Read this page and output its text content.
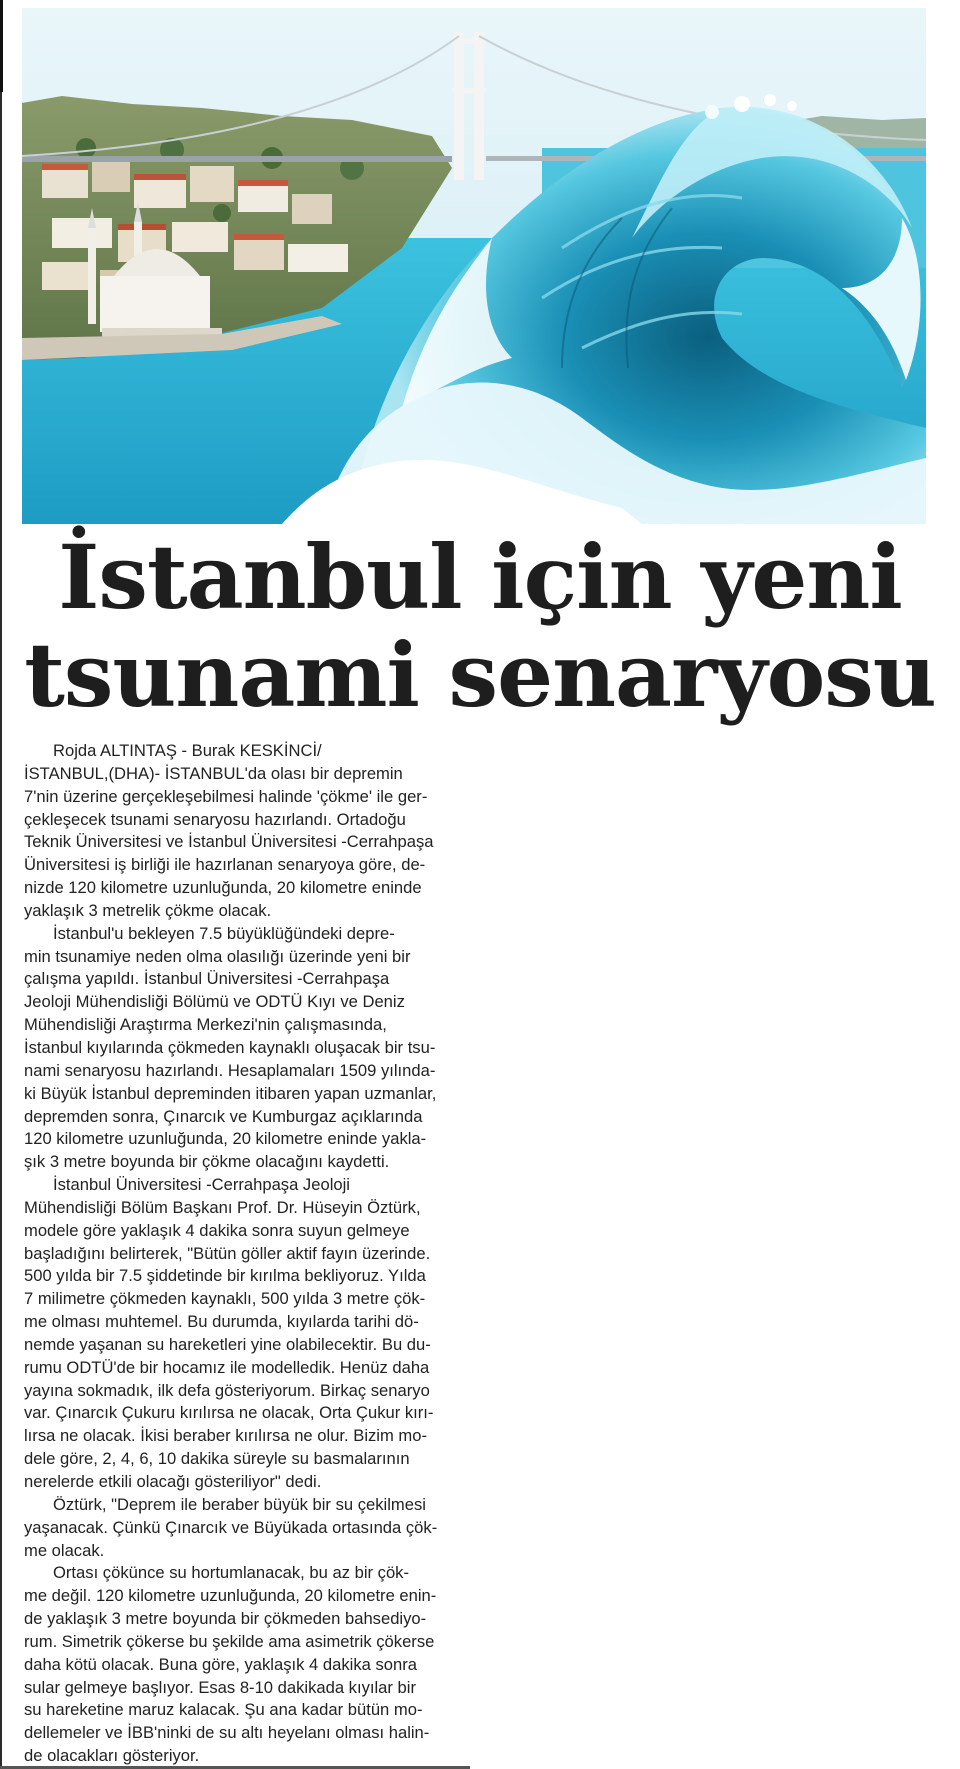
İstanbul için yeni
tsunami senaryosu
Rojda ALTINTAŞ - Burak KESKİNCİ/
İSTANBUL,(DHA)- İSTANBUL'da olası bir depremin
7'nin üzerine gerçekleşebilmesi halinde 'çökme' ile ger-
çekleşecek tsunami senaryosu hazırlandı. Ortadoğu
Teknik Üniversitesi ve İstanbul Üniversitesi -Cerrahpaşa
Üniversitesi iş birliği ile hazırlanan senaryoya göre, de-
nizde 120 kilometre uzunluğunda, 20 kilometre eninde
yaklaşık 3 metrelik çökme olacak.
İstanbul'u bekleyen 7.5 büyüklüğündeki depre-
min tsunamiye neden olma olasılığı üzerinde yeni bir
çalışma yapıldı. İstanbul Üniversitesi -Cerrahpaşa
Jeoloji Mühendisliği Bölümü ve ODTÜ Kıyı ve Deniz
Mühendisliği Araştırma Merkezi'nin çalışmasında,
İstanbul kıyılarında çökmeden kaynaklı oluşacak bir tsu-
nami senaryosu hazırlandı. Hesaplamaları 1509 yılında-
ki Büyük İstanbul depreminden itibaren yapan uzmanlar,
depremden sonra, Çınarcık ve Kumburgaz açıklarında
120 kilometre uzunluğunda, 20 kilometre eninde yakla-
şık 3 metre boyunda bir çökme olacağını kaydetti.
İstanbul Üniversitesi -Cerrahpaşa Jeoloji
Mühendisliği Bölüm Başkanı Prof. Dr. Hüseyin Öztürk,
modele göre yaklaşık 4 dakika sonra suyun gelmeye
başladığını belirterek, "Bütün göller aktif fayın üzerinde.
500 yılda bir 7.5 şiddetinde bir kırılma bekliyoruz. Yılda
7 milimetre çökmeden kaynaklı, 500 yılda 3 metre çök-
me olması muhtemel. Bu durumda, kıyılarda tarihi dö-
nemde yaşanan su hareketleri yine olabilecektir. Bu du-
rumu ODTÜ'de bir hocamız ile modelledik. Henüz daha
yayına sokmadık, ilk defa gösteriyorum. Birkaç senaryo
var. Çınarcık Çukuru kırılırsa ne olacak, Orta Çukur kırı-
lırsa ne olacak. İkisi beraber kırılırsa ne olur. Bizim mo-
dele göre, 2, 4, 6, 10 dakika süreyle su basmalarının
nerelerde etkili olacağı gösteriliyor" dedi.
Öztürk, "Deprem ile beraber büyük bir su çekilmesi
yaşanacak. Çünkü Çınarcık ve Büyükada ortasında çök-
me olacak.
Ortası çökünce su hortumlanacak, bu az bir çök-
me değil. 120 kilometre uzunluğunda, 20 kilometre enin-
de yaklaşık 3 metre boyunda bir çökmeden bahsediyo-
rum. Simetrik çökerse bu şekilde ama asimetrik çökerse
daha kötü olacak. Buna göre, yaklaşık 4 dakika sonra
sular gelmeye başlıyor. Esas 8-10 dakikada kıyılar bir
su hareketine maruz kalacak. Şu ana kadar bütün mo-
dellemeler ve İBB'ninki de su altı heyelanı olması halin-
de olacakları gösteriyor.
